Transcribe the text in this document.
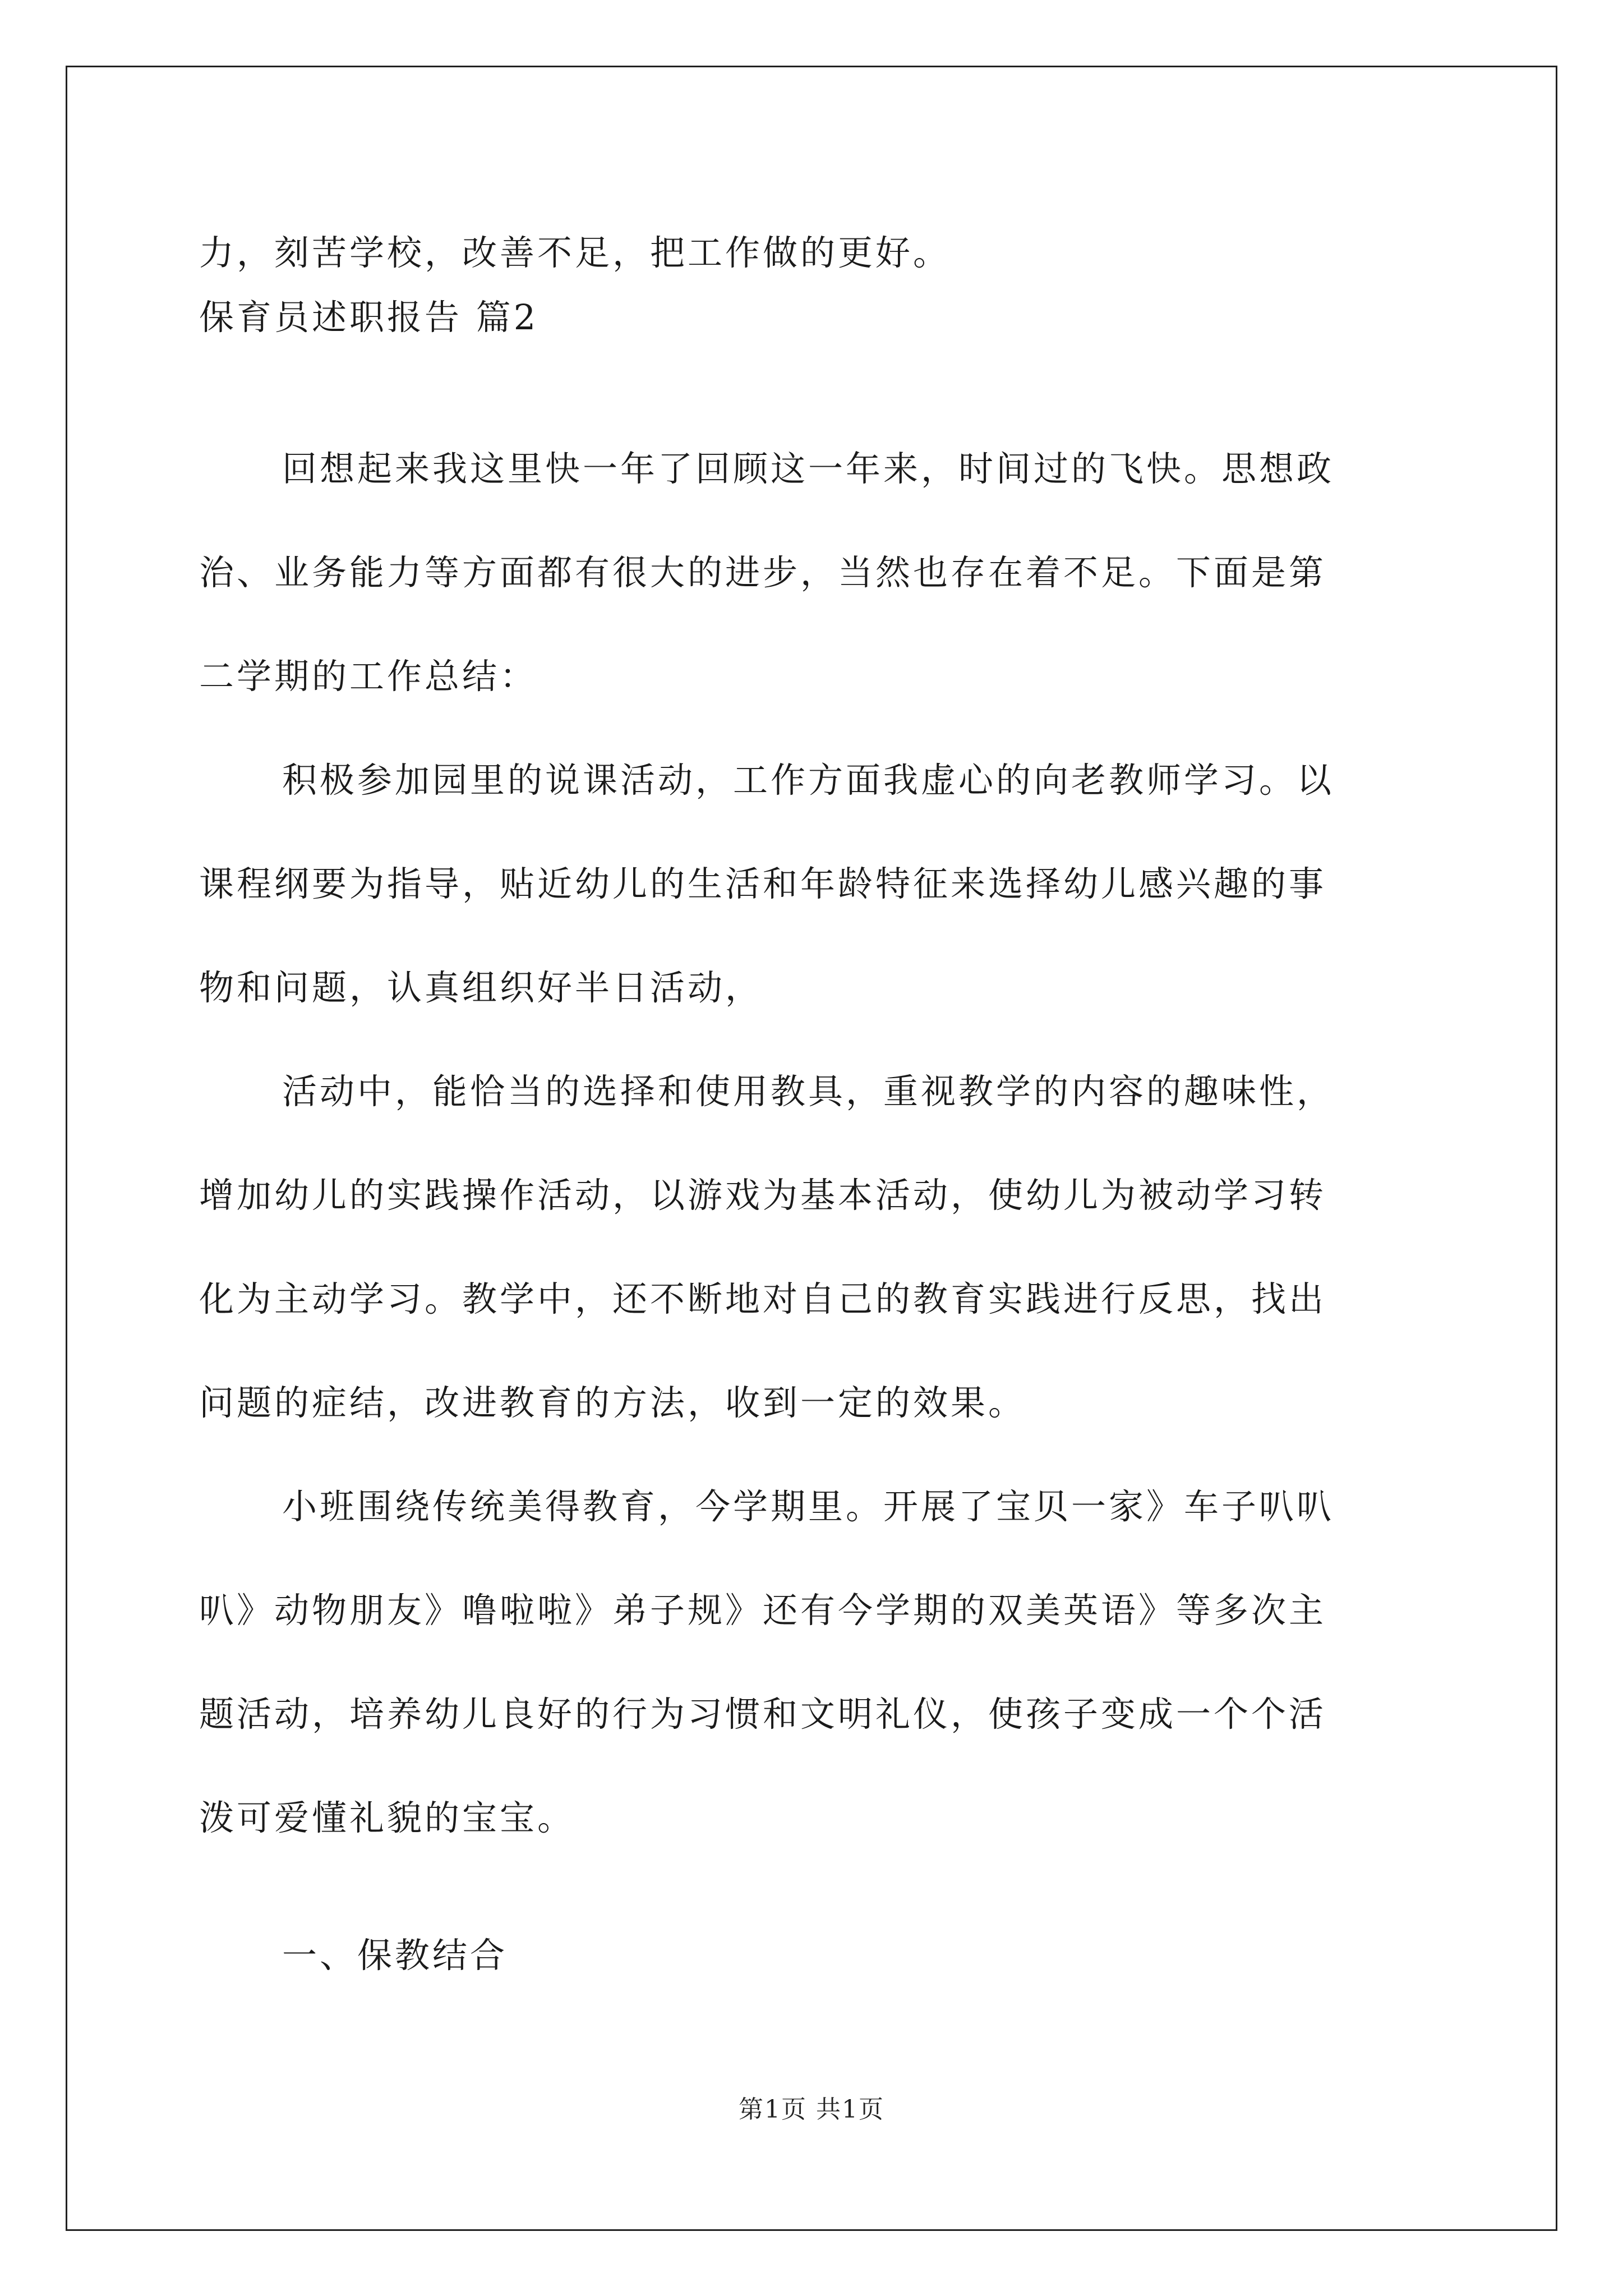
力，刻苦学校，改善不足，把工作做的更好。
保育员述职报告 篇2
回想起来我这里快一年了回顾这一年来，时间过的飞快。思想政
治、业务能力等方面都有很大的进步，当然也存在着不足。下面是第
二学期的工作总结：
积极参加园里的说课活动，工作方面我虚心的向老教师学习。以
课程纲要为指导，贴近幼儿的生活和年龄特征来选择幼儿感兴趣的事
物和问题，认真组织好半日活动，
活动中，能恰当的选择和使用教具，重视教学的内容的趣味性，
增加幼儿的实践操作活动，以游戏为基本活动，使幼儿为被动学习转
化为主动学习。教学中，还不断地对自己的教育实践进行反思，找出
问题的症结，改进教育的方法，收到一定的效果。
小班围绕传统美得教育，今学期里。开展了宝贝一家》车子叭叭
叭》动物朋友》噜啦啦》弟子规》还有今学期的双美英语》等多次主
题活动，培养幼儿良好的行为习惯和文明礼仪，使孩子变成一个个活
泼可爱懂礼貌的宝宝。
一、保教结合
第1页 共1页
